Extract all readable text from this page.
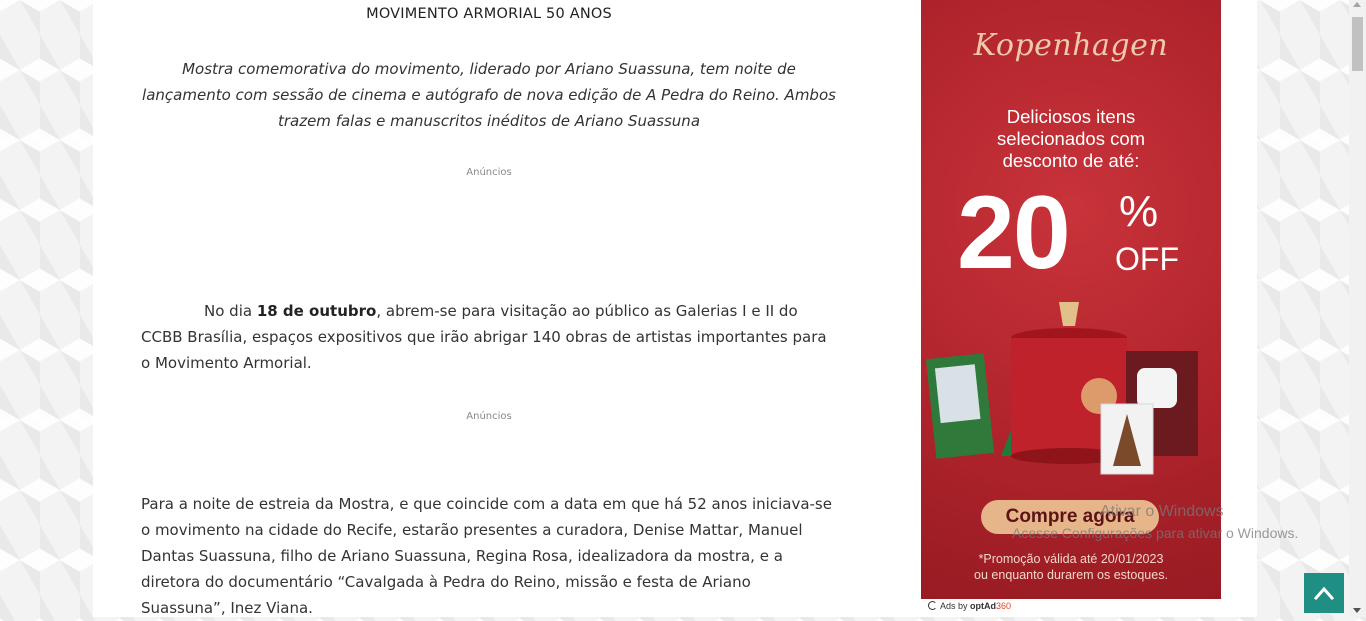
MOVIMENTO ARMORIAL 50 ANOS
Mostra comemorativa do movimento, liderado por Ariano Suassuna, tem noite de lançamento com sessão de cinema e autógrafo de nova edição de A Pedra do Reino. Ambos trazem falas e manuscritos inéditos de Ariano Suassuna
Anúncios
No dia 18 de outubro, abrem-se para visitação ao público as Galerias I e II do CCBB Brasília, espaços expositivos que irão abrigar 140 obras de artistas importantes para o Movimento Armorial.
Anúncios
Para a noite de estreia da Mostra, e que coincide com a data em que há 52 anos iniciava-se o movimento na cidade do Recife, estarão presentes a curadora, Denise Mattar, Manuel Dantas Suassuna, filho de Ariano Suassuna, Regina Rosa, idealizadora da mostra, e a diretora do documentário “Cavalgada à Pedra do Reino, missão e festa de Ariano Suassuna”, Inez Viana.
Kopenhagen
Deliciosos itens
selecionados com
desconto de até:
20 %
OFF
Compre agora
*Promoção válida até 20/01/2023
ou enquanto durarem os estoques.
Ads by optAd360
Ativar o Windows
Acesse Configurações para ativar o Windows.
